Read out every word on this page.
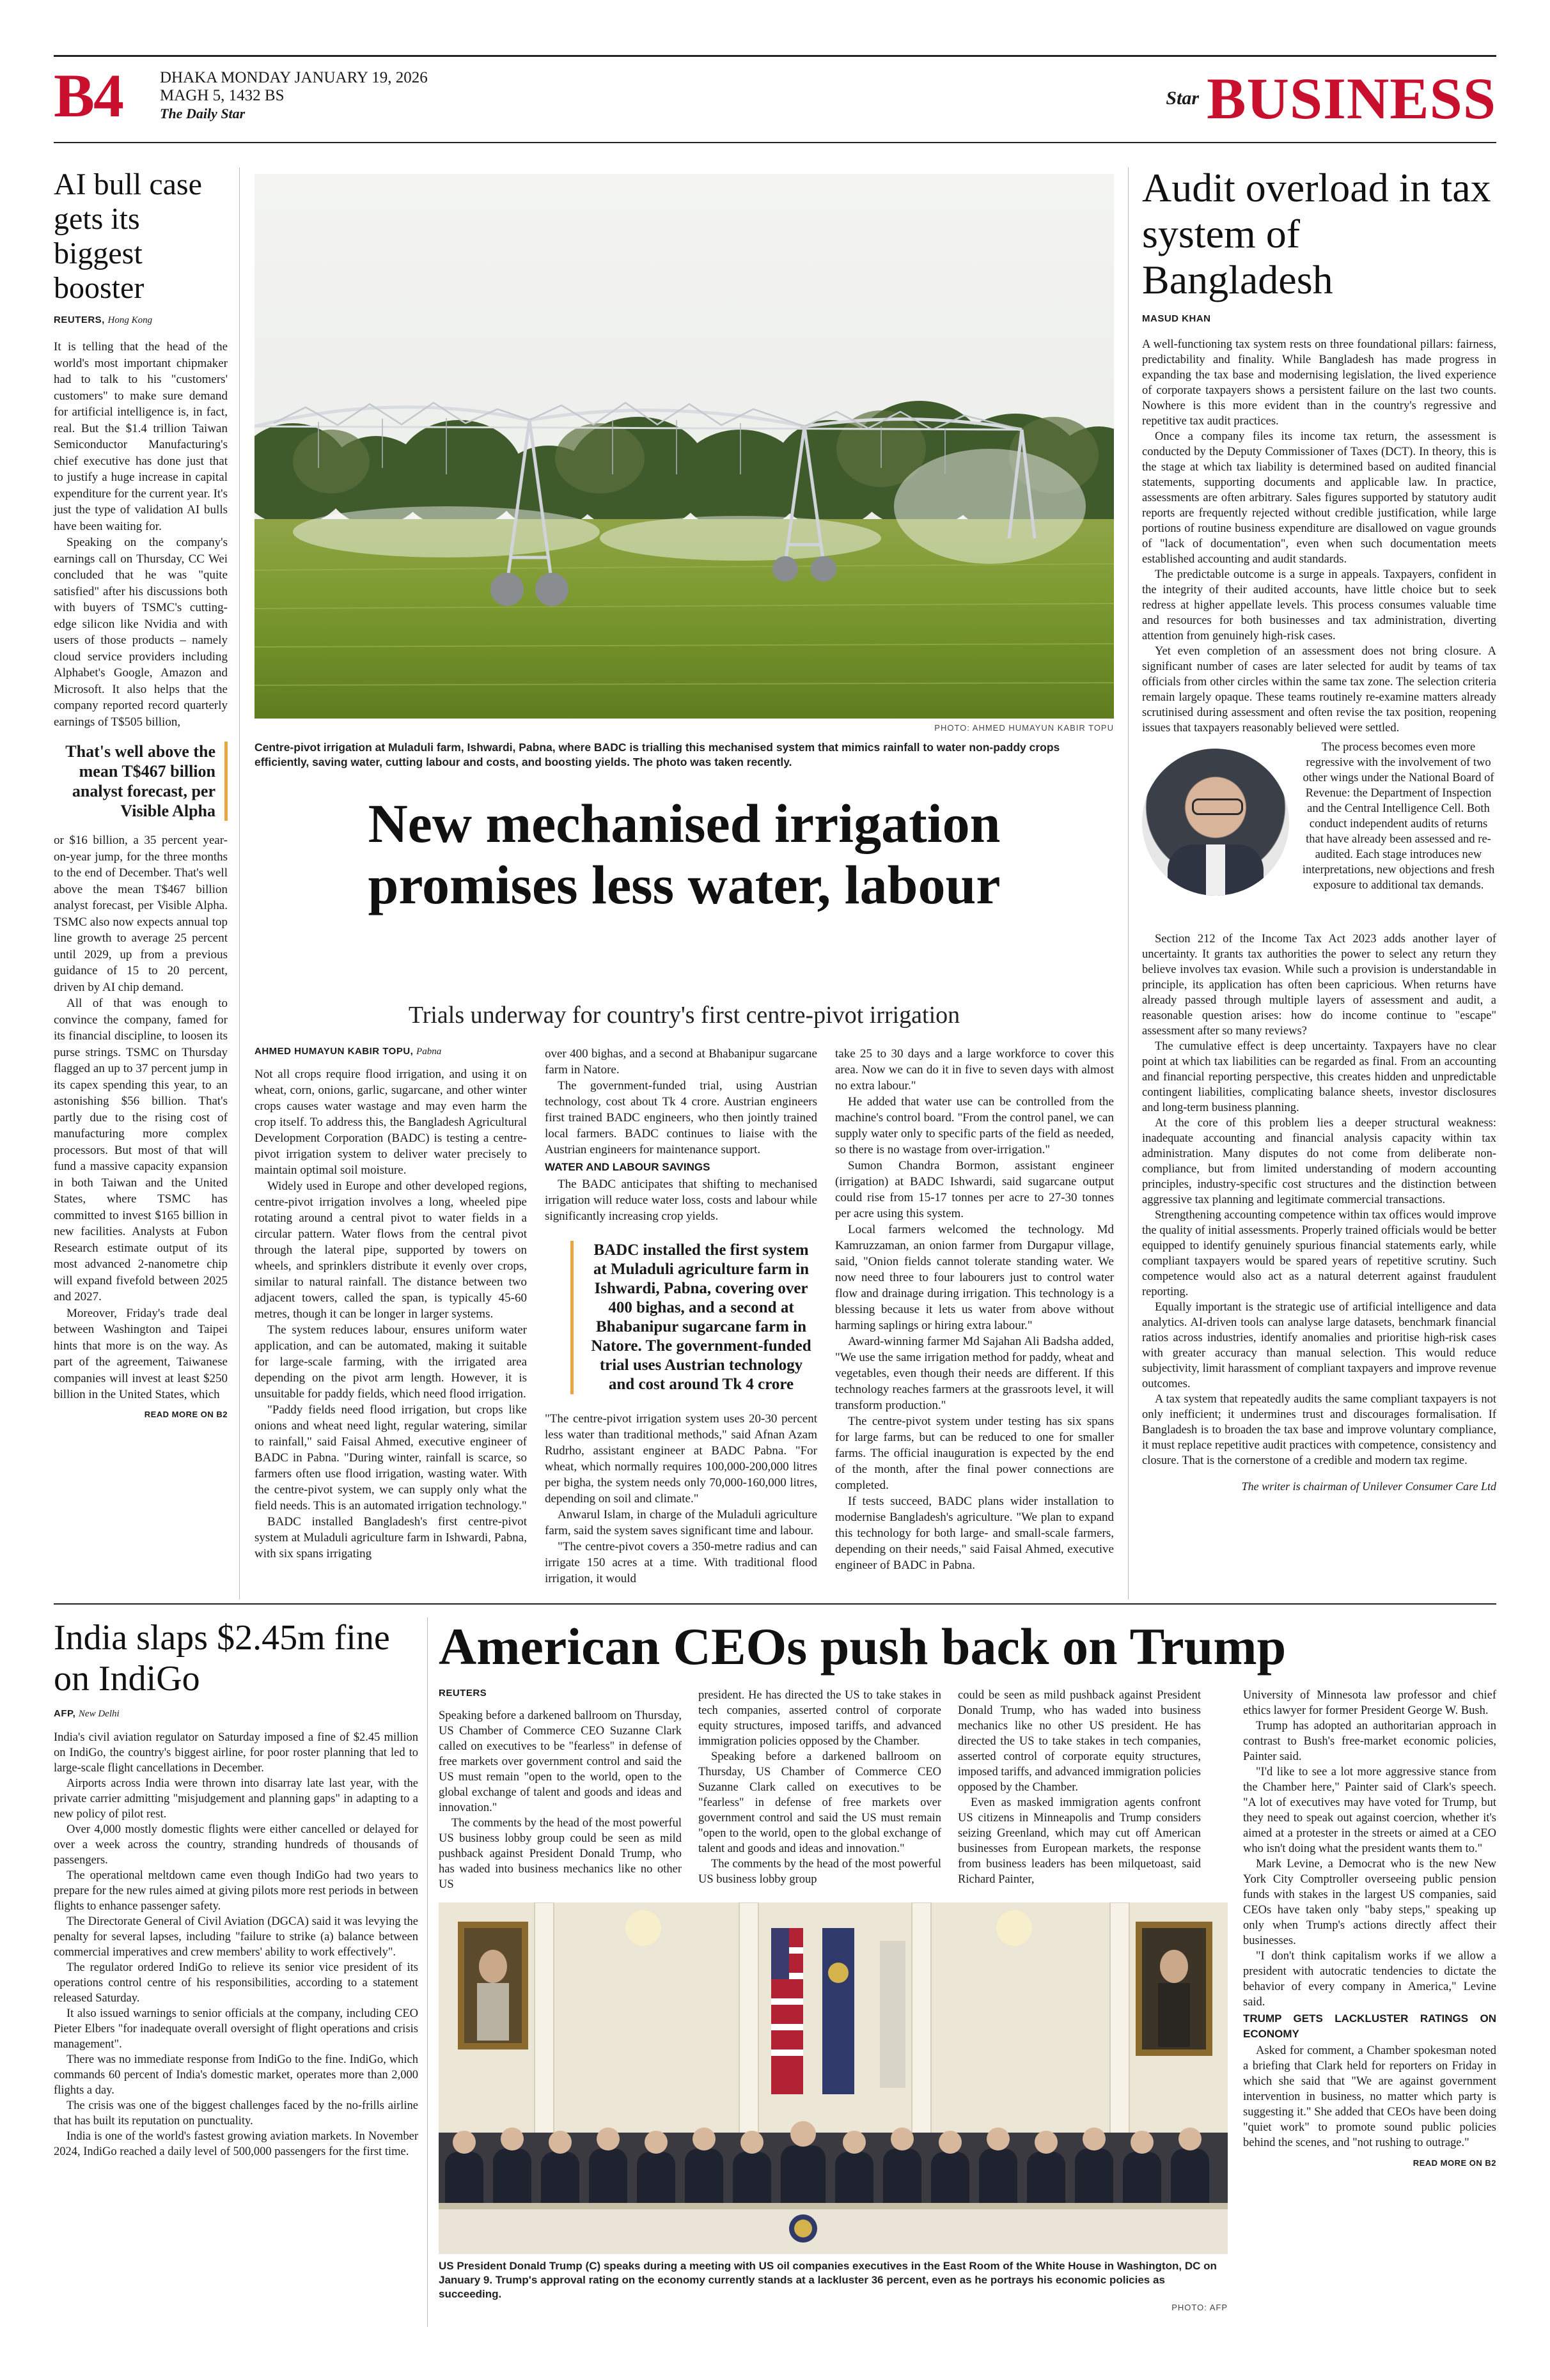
B4 DHAKA MONDAY JANUARY 19, 2026
MAGH 5, 1432 BS
The Daily Star
Star BUSINESS
AI bull case gets its biggest booster
REUTERS, Hong Kong

It is telling that the head of the world's most important chipmaker had to talk to his "customers' customers" to make sure demand for artificial intelligence is, in fact, real. But the $1.4 trillion Taiwan Semiconductor Manufacturing's chief executive has done just that to justify a huge increase in capital expenditure for the current year. It's just the type of validation AI bulls have been waiting for.

Speaking on the company's earnings call on Thursday, CC Wei concluded that he was "quite satisfied" after his discussions both with buyers of TSMC's cutting-edge silicon like Nvidia and with users of those products – namely cloud service providers including Alphabet's Google, Amazon and Microsoft. It also helps that the company reported record quarterly earnings of T$505 billion,

That's well above the mean T$467 billion analyst forecast, per Visible Alpha

or $16 billion, a 35 percent year-on-year jump, for the three months to the end of December. That's well above the mean T$467 billion analyst forecast, per Visible Alpha. TSMC also now expects annual top line growth to average 25 percent until 2029, up from a previous guidance of 15 to 20 percent, driven by AI chip demand.

All of that was enough to convince the company, famed for its financial discipline, to loosen its purse strings. TSMC on Thursday flagged an up to 37 percent jump in its capex spending this year, to an astonishing $56 billion. That's partly due to the rising cost of manufacturing more complex processors. But most of that will fund a massive capacity expansion in both Taiwan and the United States, where TSMC has committed to invest $165 billion in new facilities. Analysts at Fubon Research estimate output of its most advanced 2-nanometre chip will expand fivefold between 2025 and 2027.

Moreover, Friday's trade deal between Washington and Taipei hints that more is on the way. As part of the agreement, Taiwanese companies will invest at least $250 billion in the United States, which

READ MORE ON B2
PHOTO: AHMED HUMAYUN KABIR TOPU
Centre-pivot irrigation at Muladuli farm, Ishwardi, Pabna, where BADC is trialling this mechanised system that mimics rainfall to water non-paddy crops efficiently, saving water, cutting labour and costs, and boosting yields. The photo was taken recently.
New mechanised irrigation promises less water, labour
Trials underway for country's first centre-pivot irrigation
AHMED HUMAYUN KABIR TOPU, Pabna

Not all crops require flood irrigation, and using it on wheat, corn, onions, garlic, sugarcane, and other winter crops causes water wastage and may even harm the crop itself. To address this, the Bangladesh Agricultural Development Corporation (BADC) is testing a centre-pivot irrigation system to deliver water precisely to maintain optimal soil moisture.

Widely used in Europe and other developed regions, centre-pivot irrigation involves a long, wheeled pipe rotating around a central pivot to water fields in a circular pattern. Water flows from the central pivot through the lateral pipe, supported by towers on wheels, and sprinklers distribute it evenly over crops, similar to natural rainfall. The distance between two adjacent towers, called the span, is typically 45-60 metres, though it can be longer in larger systems.

The system reduces labour, ensures uniform water application, and can be automated, making it suitable for large-scale farming, with the irrigated area depending on the pivot arm length. However, it is unsuitable for paddy fields, which need flood irrigation.

"Paddy fields need flood irrigation, but crops like onions and wheat need light, regular watering, similar to rainfall," said Faisal Ahmed, executive engineer of BADC in Pabna. "During winter, rainfall is scarce, so farmers often use flood irrigation, wasting water. With the centre-pivot system, we can supply only what the field needs. This is an automated irrigation technology."

BADC installed Bangladesh's first centre-pivot system at Muladuli agriculture farm in Ishwardi, Pabna, with six spans irrigating

over 400 bighas, and a second at Bhabanipur sugarcane farm in Natore.

The government-funded trial, using Austrian technology, cost about Tk 4 crore. Austrian engineers first trained BADC engineers, who then jointly trained local farmers. BADC continues to liaise with the Austrian engineers for maintenance support.

WATER AND LABOUR SAVINGS

The BADC anticipates that shifting to mechanised irrigation will reduce water loss, costs and labour while significantly increasing crop yields.

BADC installed the first system at Muladuli agriculture farm in Ishwardi, Pabna, covering over 400 bighas, and a second at Bhabanipur sugarcane farm in Natore. The government-funded trial uses Austrian technology and cost around Tk 4 crore

"The centre-pivot irrigation system uses 20-30 percent less water than traditional methods," said Afnan Azam Rudrho, assistant engineer at BADC Pabna. "For wheat, which normally requires 100,000-200,000 litres per bigha, the system needs only 70,000-160,000 litres, depending on soil and climate."

Anwarul Islam, in charge of the Muladuli agriculture farm, said the system saves significant time and labour.

"The centre-pivot covers a 350-metre radius and can irrigate 150 acres at a time. With traditional flood irrigation, it would

take 25 to 30 days and a large workforce to cover this area. Now we can do it in five to seven days with almost no extra labour."

He added that water use can be controlled from the machine's control board. "From the control panel, we can supply water only to specific parts of the field as needed, so there is no wastage from over-irrigation."

Sumon Chandra Bormon, assistant engineer (irrigation) at BADC Ishwardi, said sugarcane output could rise from 15-17 tonnes per acre to 27-30 tonnes per acre using this system.

Local farmers welcomed the technology. Md Kamruzzaman, an onion farmer from Durgapur village, said, "Onion fields cannot tolerate standing water. We now need three to four labourers just to control water flow and drainage during irrigation. This technology is a blessing because it lets us water from above without harming saplings or hiring extra labour."

Award-winning farmer Md Sajahan Ali Badsha added, "We use the same irrigation method for paddy, wheat and vegetables, even though their needs are different. If this technology reaches farmers at the grassroots level, it will transform production."

The centre-pivot system under testing has six spans for large farms, but can be reduced to one for smaller farms. The official inauguration is expected by the end of the month, after the final power connections are completed.

If tests succeed, BADC plans wider installation to modernise Bangladesh's agriculture. "We plan to expand this technology for both large- and small-scale farmers, depending on their needs," said Faisal Ahmed, executive engineer of BADC in Pabna.

Audit overload in tax system of Bangladesh
MASUD KHAN

A well-functioning tax system rests on three foundational pillars: fairness, predictability and finality. While Bangladesh has made progress in expanding the tax base and modernising legislation, the lived experience of corporate taxpayers shows a persistent failure on the last two counts. Nowhere is this more evident than in the country's regressive and repetitive tax audit practices.

Once a company files its income tax return, the assessment is conducted by the Deputy Commissioner of Taxes (DCT). In theory, this is the stage at which tax liability is determined based on audited financial statements, supporting documents and applicable law. In practice, assessments are often arbitrary. Sales figures supported by statutory audit reports are frequently rejected without credible justification, while large portions of routine business expenditure are disallowed on vague grounds of "lack of documentation", even when such documentation meets established accounting and audit standards.

The predictable outcome is a surge in appeals. Taxpayers, confident in the integrity of their audited accounts, have little choice but to seek redress at higher appellate levels. This process consumes valuable time and resources for both businesses and tax administration, diverting attention from genuinely high-risk cases.

Yet even completion of an assessment does not bring closure. A significant number of cases are later selected for audit by teams of tax officials from other circles within the same tax zone. The selection criteria remain largely opaque. These teams routinely re-examine matters already scrutinised during assessment and often revise the tax position, reopening issues that taxpayers reasonably believed were settled.

The process becomes even more regressive with the involvement of two other wings under the National Board of Revenue: the Department of Inspection and the Central Intelligence Cell. Both conduct independent audits of returns that have already been assessed and re-audited. Each stage introduces new interpretations, new objections and fresh exposure to additional tax demands.

Section 212 of the Income Tax Act 2023 adds another layer of uncertainty. It grants tax authorities the power to select any return they believe involves tax evasion. While such a provision is understandable in principle, its application has often been capricious. When returns have already passed through multiple layers of assessment and audit, a reasonable question arises: how do income continue to "escape" assessment after so many reviews?

The cumulative effect is deep uncertainty. Taxpayers have no clear point at which tax liabilities can be regarded as final. From an accounting and financial reporting perspective, this creates hidden and unpredictable contingent liabilities, complicating balance sheets, investor disclosures and long-term business planning.

At the core of this problem lies a deeper structural weakness: inadequate accounting and financial analysis capacity within tax administration. Many disputes do not come from deliberate non-compliance, but from limited understanding of modern accounting principles, industry-specific cost structures and the distinction between aggressive tax planning and legitimate commercial transactions.

Strengthening accounting competence within tax offices would improve the quality of initial assessments. Properly trained officials would be better equipped to identify genuinely spurious financial statements early, while compliant taxpayers would be spared years of repetitive scrutiny. Such competence would also act as a natural deterrent against fraudulent reporting.

Equally important is the strategic use of artificial intelligence and data analytics. AI-driven tools can analyse large datasets, benchmark financial ratios across industries, identify anomalies and prioritise high-risk cases with greater accuracy than manual selection. This would reduce subjectivity, limit harassment of compliant taxpayers and improve revenue outcomes.

A tax system that repeatedly audits the same compliant taxpayers is not only inefficient; it undermines trust and discourages formalisation. If Bangladesh is to broaden the tax base and improve voluntary compliance, it must replace repetitive audit practices with competence, consistency and closure. That is the cornerstone of a credible and modern tax regime.

The writer is chairman of Unilever Consumer Care Ltd
India slaps $2.45m fine on IndiGo
AFP, New Delhi

India's civil aviation regulator on Saturday imposed a fine of $2.45 million on IndiGo, the country's biggest airline, for poor roster planning that led to large-scale flight cancellations in December.

Airports across India were thrown into disarray late last year, with the private carrier admitting "misjudgement and planning gaps" in adapting to a new policy of pilot rest.

Over 4,000 mostly domestic flights were either cancelled or delayed for over a week across the country, stranding hundreds of thousands of passengers.

The operational meltdown came even though IndiGo had two years to prepare for the new rules aimed at giving pilots more rest periods in between flights to enhance passenger safety.

The Directorate General of Civil Aviation (DGCA) said it was levying the penalty for several lapses, including "failure to strike (a) balance between commercial imperatives and crew members' ability to work effectively".

The regulator ordered IndiGo to relieve its senior vice president of its operations control centre of his responsibilities, according to a statement released Saturday.

It also issued warnings to senior officials at the company, including CEO Pieter Elbers "for inadequate overall oversight of flight operations and crisis management".

There was no immediate response from IndiGo to the fine. IndiGo, which commands 60 percent of India's domestic market, operates more than 2,000 flights a day.

The crisis was one of the biggest challenges faced by the no-frills airline that has built its reputation on punctuality.

India is one of the world's fastest growing aviation markets. In November 2024, IndiGo reached a daily level of 500,000 passengers for the first time.

American CEOs push back on Trump
REUTERS

Speaking before a darkened ballroom on Thursday, US Chamber of Commerce CEO Suzanne Clark called on executives to be "fearless" in defense of free markets over government control and said the US must remain "open to the world, open to the global exchange of talent and goods and ideas and innovation."

The comments by the head of the most powerful US business lobby group could be seen as mild pushback against President Donald Trump, who has waded into business mechanics like no other US

president. He has directed the US to take stakes in tech companies, asserted control of corporate equity structures, imposed tariffs, and advanced immigration policies opposed by the Chamber.

Speaking before a darkened ballroom on Thursday, US Chamber of Commerce CEO Suzanne Clark called on executives to be "fearless" in defense of free markets over government control and said the US must remain "open to the world, open to the global exchange of talent and goods and ideas and innovation."

The comments by the head of the most powerful US business lobby group

could be seen as mild pushback against President Donald Trump, who has waded into business mechanics like no other US president. He has directed the US to take stakes in tech companies, asserted control of corporate equity structures, imposed tariffs, and advanced immigration policies opposed by the Chamber.

Even as masked immigration agents confront US citizens in Minneapolis and Trump considers seizing Greenland, which may cut off American businesses from European markets, the response from business leaders has been milquetoast, said Richard Painter,

US President Donald Trump (C) speaks during a meeting with US oil companies executives in the East Room of the White House in Washington, DC on January 9. Trump's approval rating on the economy currently stands at a lackluster 36 percent, even as he portrays his economic policies as succeeding.
PHOTO: AFP

University of Minnesota law professor and chief ethics lawyer for former President George W. Bush.

Trump has adopted an authoritarian approach in contrast to Bush's free-market economic policies, Painter said.

"I'd like to see a lot more aggressive stance from the Chamber here," Painter said of Clark's speech. "A lot of executives may have voted for Trump, but they need to speak out against coercion, whether it's aimed at a protester in the streets or aimed at a CEO who isn't doing what the president wants them to."

Mark Levine, a Democrat who is the new New York City Comptroller overseeing public pension funds with stakes in the largest US companies, said CEOs have taken only "baby steps," speaking up only when Trump's actions directly affect their businesses.

"I don't think capitalism works if we allow a president with autocratic tendencies to dictate the behavior of every company in America," Levine said.

TRUMP GETS LACKLUSTER RATINGS ON ECONOMY

Asked for comment, a Chamber spokesman noted a briefing that Clark held for reporters on Friday in which she said that "We are against government intervention in business, no matter which party is suggesting it." She added that CEOs have been doing "quiet work" to promote sound public policies behind the scenes, and "not rushing to outrage."

READ MORE ON B2
